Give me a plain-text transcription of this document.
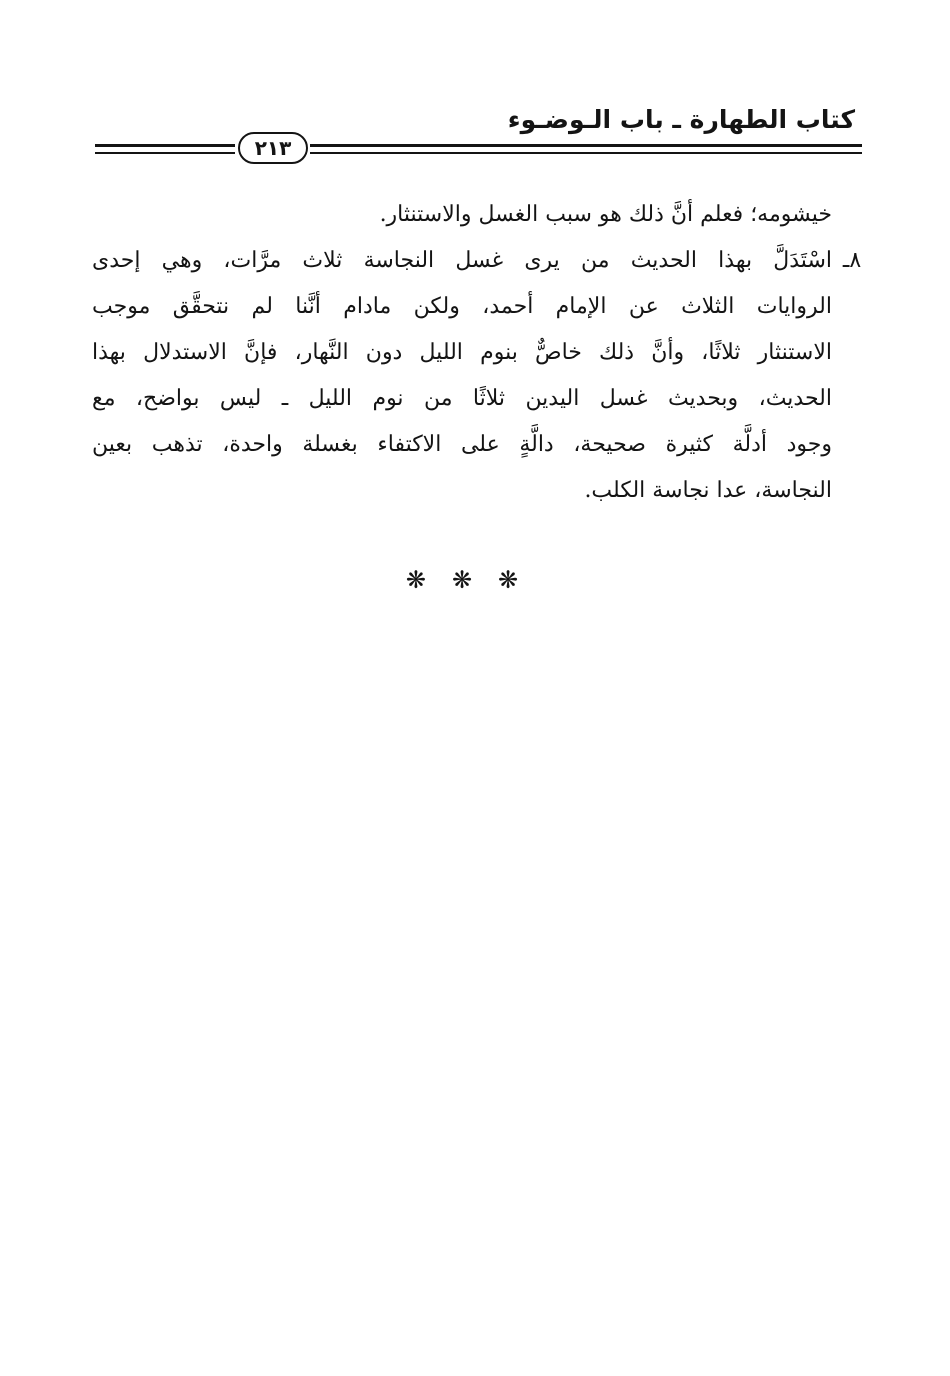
كتاب الطهارة ـ باب الـوضـوء
٢١٣
خيشومه؛ فعلم أنَّ ذلك هو سبب الغسل والاستنثار.
٨ـ
اسْتَدَلَّ بهذا الحديث من يرى غسل النجاسة ثلاث مرَّات، وهي إحدى
الروايات الثلاث عن الإمام أحمد، ولكن مادام أنَّنا لم نتحقَّق موجب
الاستنثار ثلاثًا، وأنَّ ذلك خاصٌّ بنوم الليل دون النَّهار، فإنَّ الاستدلال بهذا
الحديث، وبحديث غسل اليدين ثلاثًا من نوم الليل ـ ليس بواضح، مع
وجود أدلَّة كثيرة صحيحة، دالَّةٍ على الاكتفاء بغسلة واحدة، تذهب بعين
النجاسة، عدا نجاسة الكلب.
❋❋❋
